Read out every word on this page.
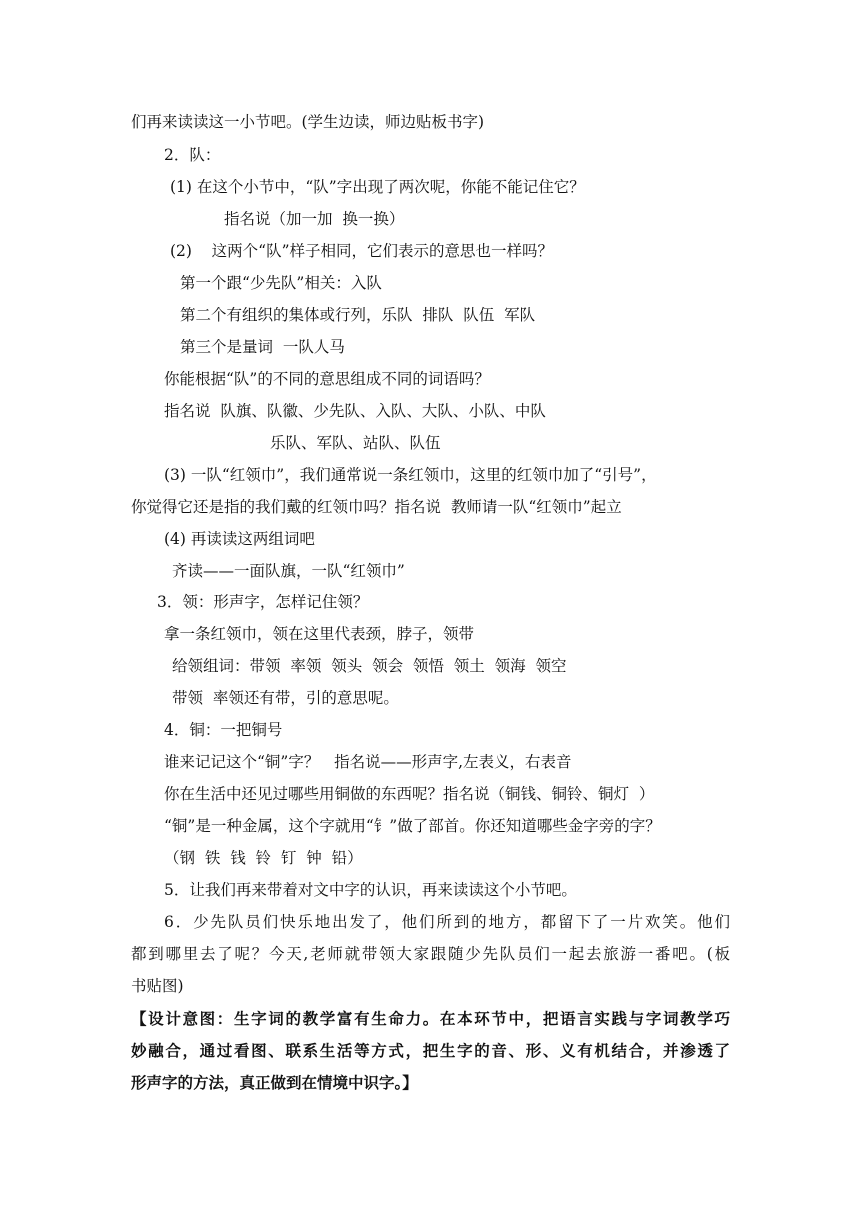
们再来读读这一小节吧。(学生边读，师边贴板书字)
2．队：
(1) 在这个小节中，“队”字出现了两次呢，你能不能记住它？
指名说（加一加  换一换）
(2)    这两个“队”样子相同，它们表示的意思也一样吗？
第一个跟“少先队”相关：入队
第二个有组织的集体或行列，乐队  排队  队伍  军队
第三个是量词  一队人马
你能根据“队”的不同的意思组成不同的词语吗？
指名说  队旗、队徽、少先队、入队、大队、小队、中队
乐队、军队、站队、队伍
(3) 一队“红领巾”，我们通常说一条红领巾，这里的红领巾加了“引号”，
你觉得它还是指的我们戴的红领巾吗？指名说  教师请一队“红领巾”起立
(4) 再读读这两组词吧
齐读——一面队旗，一队“红领巾”
3．领：形声字，怎样记住领？
拿一条红领巾，领在这里代表颈，脖子，领带
给领组词：带领  率领  领头  领会  领悟  领土  领海  领空
带领  率领还有带，引的意思呢。
4．铜：一把铜号
谁来记记这个“铜”字？   指名说——形声字,左表义，右表音
你在生活中还见过哪些用铜做的东西呢？指名说（铜钱、铜铃、铜灯  ）
“铜”是一种金属，这个字就用“钅”做了部首。你还知道哪些金字旁的字？
（钢  铁  钱  铃  钉  钟  铅）
5．让我们再来带着对文中字的认识，再来读读这个小节吧。
6．少先队员们快乐地出发了，他们所到的地方，都留下了一片欢笑。他们
都到哪里去了呢？今天,老师就带领大家跟随少先队员们一起去旅游一番吧。(板
书贴图)
【设计意图：生字词的教学富有生命力。在本环节中，把语言实践与字词教学巧
妙融合，通过看图、联系生活等方式，把生字的音、形、义有机结合，并渗透了
形声字的方法，真正做到在情境中识字。】
